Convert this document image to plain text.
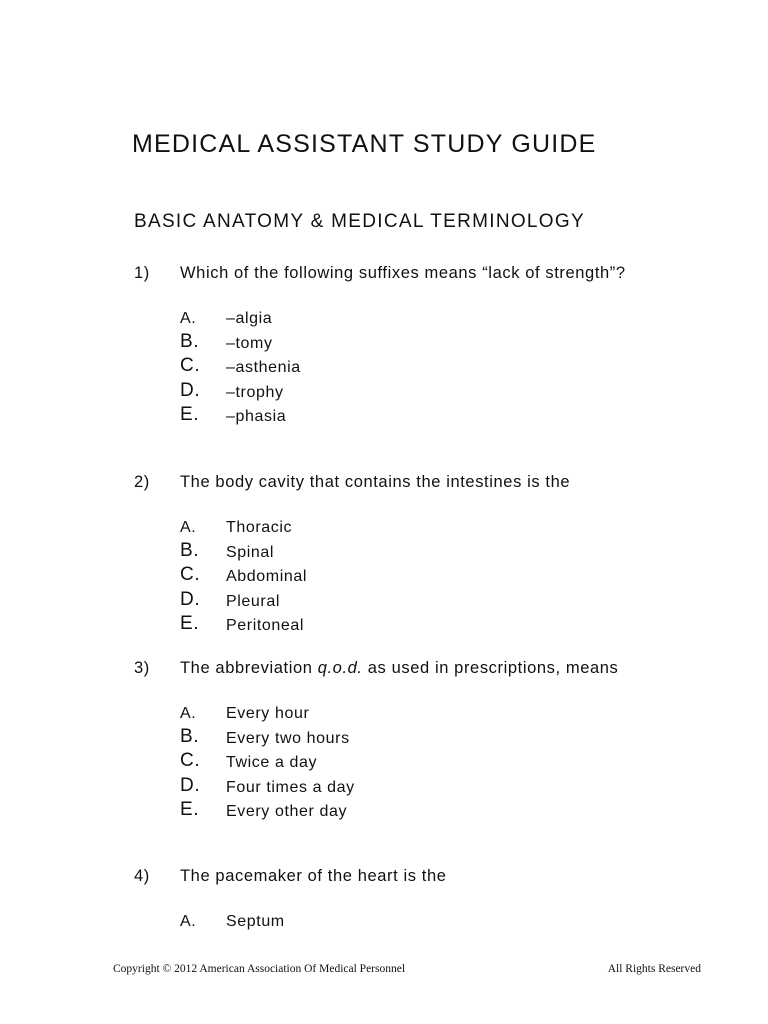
MEDICAL ASSISTANT STUDY GUIDE
BASIC ANATOMY & MEDICAL TERMINOLOGY
1) Which of the following suffixes means “lack of strength”?
A. –algia
B. –tomy
C. –asthenia
D. –trophy
E. –phasia
2) The body cavity that contains the intestines is the
A. Thoracic
B. Spinal
C. Abdominal
D. Pleural
E. Peritoneal
3) The abbreviation q.o.d. as used in prescriptions, means
A. Every hour
B. Every two hours
C. Twice a day
D. Four times a day
E. Every other day
4) The pacemaker of the heart is the
A. Septum
Copyright © 2012 American Association Of Medical Personnel	All Rights Reserved
